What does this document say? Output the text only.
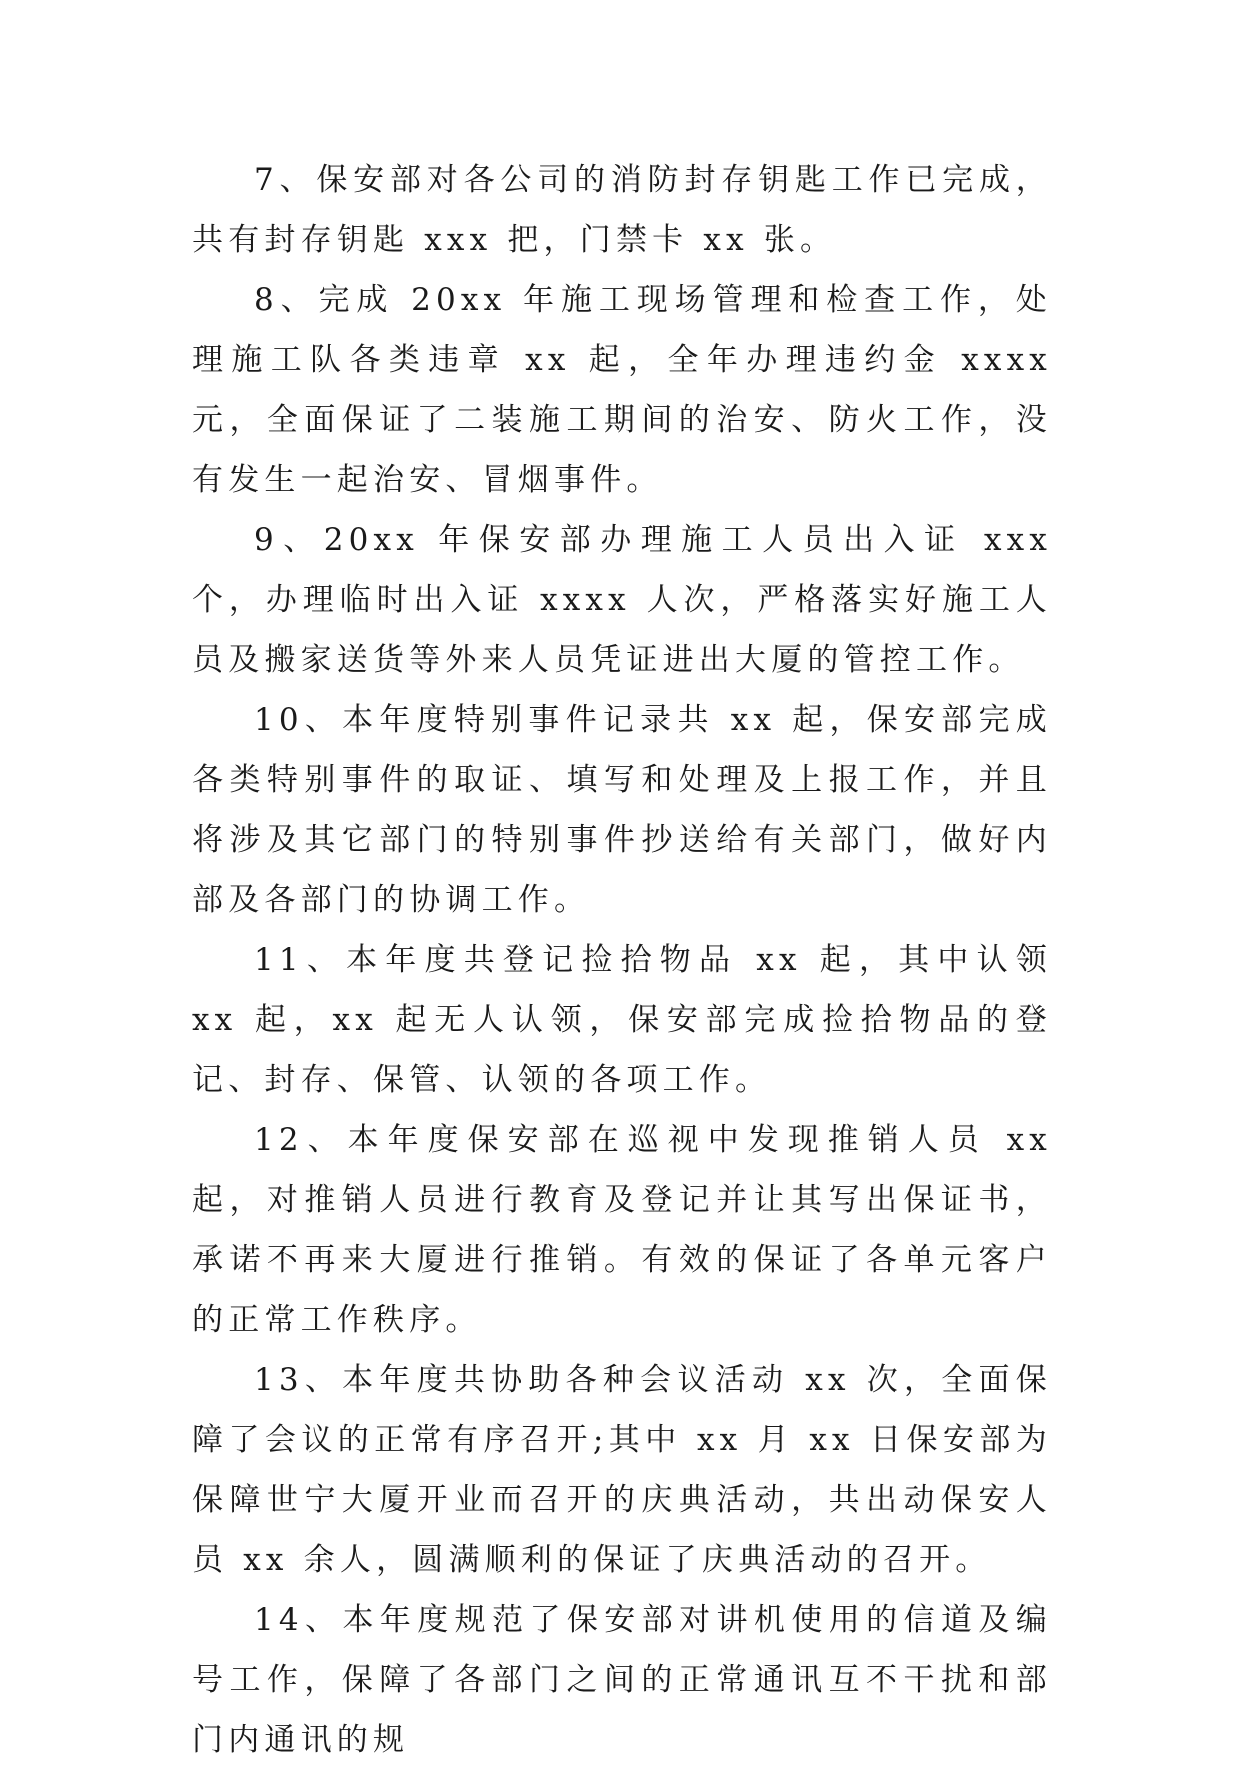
7、保安部对各公司的消防封存钥匙工作已完成，共有封存钥匙 xxx 把，门禁卡 xx 张。

8、完成 20xx 年施工现场管理和检查工作，处理施工队各类违章 xx 起，全年办理违约金 xxxx 元，全面保证了二装施工期间的治安、防火工作，没有发生一起治安、冒烟事件。

9、20xx 年保安部办理施工人员出入证 xxx 个，办理临时出入证 xxxx 人次，严格落实好施工人员及搬家送货等外来人员凭证进出大厦的管控工作。

10、本年度特别事件记录共 xx 起，保安部完成各类特别事件的取证、填写和处理及上报工作，并且将涉及其它部门的特别事件抄送给有关部门，做好内部及各部门的协调工作。

11、本年度共登记捡拾物品 xx 起，其中认领 xx 起，xx 起无人认领，保安部完成捡拾物品的登记、封存、保管、认领的各项工作。

12、本年度保安部在巡视中发现推销人员 xx 起，对推销人员进行教育及登记并让其写出保证书，承诺不再来大厦进行推销。有效的保证了各单元客户的正常工作秩序。

13、本年度共协助各种会议活动 xx 次，全面保障了会议的正常有序召开;其中 xx 月 xx 日保安部为保障世宁大厦开业而召开的庆典活动，共出动保安人员 xx 余人，圆满顺利的保证了庆典活动的召开。

14、本年度规范了保安部对讲机使用的信道及编号工作，保障了各部门之间的正常通讯互不干扰和部门内通讯的规
